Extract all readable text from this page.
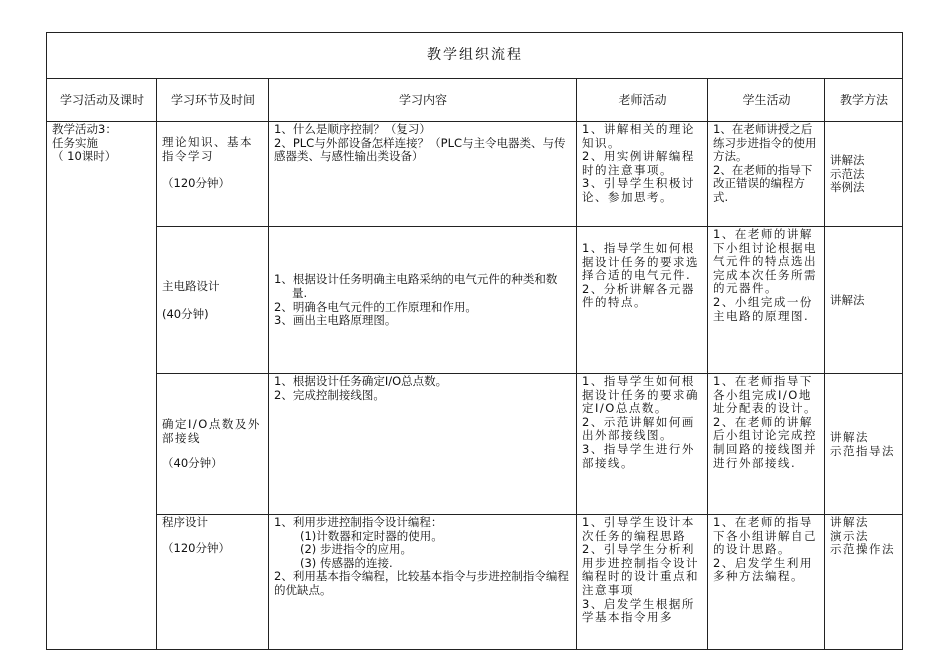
教学组织流程					
学习活动及课时	学习环节及时间	学习内容	老师活动	学生活动	教学方法

教学活动3：
任务实施
（ 10课时）	理论知识、基本指令学习
（120分钟）	1、什么是顺序控制？（复习）
2、PLC与外部设备怎样连接？（PLC与主令电器类、与传感器类、与感性输出类设备）	1、讲解相关的理论知识。
2、用实例讲解编程时的注意事项。
3、引导学生积极讨论、参加思考。	1、在老师讲授之后练习步进指令的使用方法。
2、在老师的指导下改正错误的编程方式.	讲解法
示范法
举例法

	主电路设计
(40分钟)	1、根据设计任务明确主电路采纳的电气元件的种类和数量.
2、明确各电气元件的工作原理和作用。
3、画出主电路原理图。	1、指导学生如何根据设计任务的要求选择合适的电气元件.
2、分析讲解各元器件的特点。	1、在老师的讲解下小组讨论根据电气元件的特点选出完成本次任务所需的元器件。
2、小组完成一份主电路的原理图.	讲解法

	确定I/O点数及外部接线
（40分钟）	1、根据设计任务确定I/O总点数。
2、完成控制接线图。	1、指导学生如何根据设计任务的要求确定I/O总点数。
2、示范讲解如何画出外部接线图。
3、指导学生进行外部接线。	1、在老师指导下各小组完成I/O地址分配表的设计。
2、在老师的讲解后小组讨论完成控制回路的接线图并进行外部接线.	讲解法
示范指导法

	程序设计
（120分钟）	1、利用步进控制指令设计编程：
(1)计数器和定时器的使用。
(2) 步进指令的应用。
(3) 传感器的连接.
2、利用基本指令编程，比较基本指令与步进控制指令编程的优缺点。	1、引导学生设计本次任务的编程思路
2、引导学生分析利用步进控制指令设计编程时的设计重点和注意事项
3、启发学生根据所学基本指令用多	1、在老师的指导下各小组讲解自己的设计思路。
2、启发学生利用多种方法编程。	讲解法
演示法
示范操作法
